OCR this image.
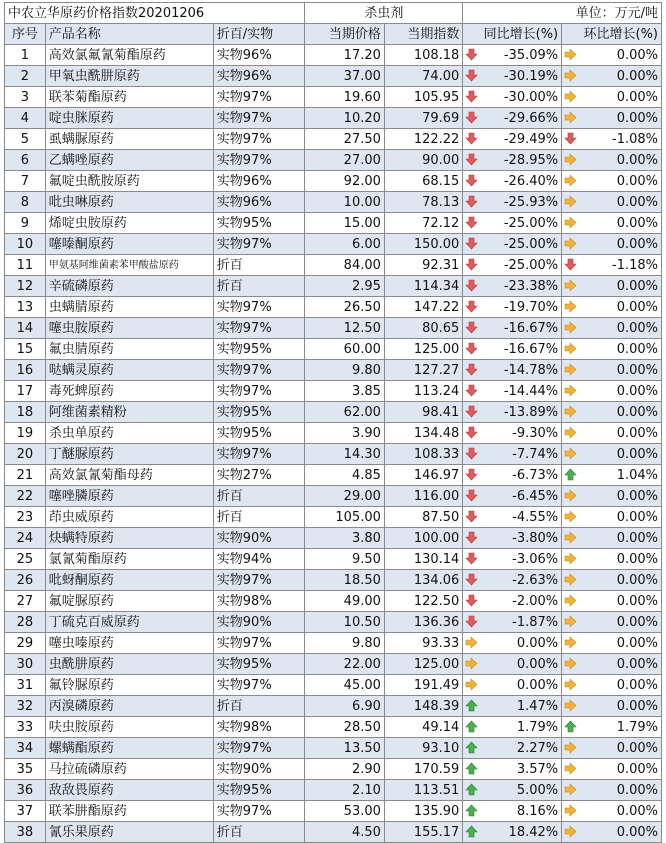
中农立华原药价格指数20201206			杀虫剂		单位：万元/吨	
序号	产品名称	折百/实物	当期价格	当期指数	同比增长(%)	环比增长(%)
1	高效氯氟氰菊酯原药	实物96%	17.20	108.18	-35.09%	0.00%
2	甲氧虫酰肼原药	实物96%	37.00	74.00	-30.19%	0.00%
3	联苯菊酯原药	实物97%	19.60	105.95	-30.00%	0.00%
4	啶虫脒原药	实物97%	10.20	79.69	-29.66%	0.00%
5	虱螨脲原药	实物97%	27.50	122.22	-29.49%	-1.08%
6	乙螨唑原药	实物97%	27.00	90.00	-28.95%	0.00%
7	氟啶虫酰胺原药	实物96%	92.00	68.15	-26.40%	0.00%
8	吡虫啉原药	实物96%	10.00	78.13	-25.93%	0.00%
9	烯啶虫胺原药	实物95%	15.00	72.12	-25.00%	0.00%
10	噻嗪酮原药	实物97%	6.00	150.00	-25.00%	0.00%
11	甲氨基阿维菌素苯甲酸盐原药	折百	84.00	92.31	-25.00%	-1.18%
12	辛硫磷原药	折百	2.95	114.34	-23.38%	0.00%
13	虫螨腈原药	实物97%	26.50	147.22	-19.70%	0.00%
14	噻虫胺原药	实物97%	12.50	80.65	-16.67%	0.00%
15	氟虫腈原药	实物95%	60.00	125.00	-16.67%	0.00%
16	哒螨灵原药	实物97%	9.80	127.27	-14.78%	0.00%
17	毒死蜱原药	实物97%	3.85	113.24	-14.44%	0.00%
18	阿维菌素精粉	实物95%	62.00	98.41	-13.89%	0.00%
19	杀虫单原药	实物95%	3.90	134.48	-9.30%	0.00%
20	丁醚脲原药	实物97%	14.30	108.33	-7.74%	0.00%
21	高效氯氰菊酯母药	实物27%	4.85	146.97	-6.73%	1.04%
22	噻唑膦原药	折百	29.00	116.00	-6.45%	0.00%
23	茚虫威原药	折百	105.00	87.50	-4.55%	0.00%
24	炔螨特原药	实物90%	3.80	100.00	-3.80%	0.00%
25	氯氰菊酯原药	实物94%	9.50	130.14	-3.06%	0.00%
26	吡蚜酮原药	实物97%	18.50	134.06	-2.63%	0.00%
27	氟啶脲原药	实物98%	49.00	122.50	-2.00%	0.00%
28	丁硫克百威原药	实物90%	10.50	136.36	-1.87%	0.00%
29	噻虫嗪原药	实物97%	9.80	93.33	0.00%	0.00%
30	虫酰肼原药	实物95%	22.00	125.00	0.00%	0.00%
31	氟铃脲原药	实物97%	45.00	191.49	0.00%	0.00%
32	丙溴磷原药	折百	6.90	148.39	1.47%	0.00%
33	呋虫胺原药	实物98%	28.50	49.14	1.79%	1.79%
34	螺螨酯原药	实物97%	13.50	93.10	2.27%	0.00%
35	马拉硫磷原药	实物90%	2.90	170.59	3.57%	0.00%
36	敌敌畏原药	实物95%	2.10	113.51	5.00%	0.00%
37	联苯肼酯原药	实物97%	53.00	135.90	8.16%	0.00%
38	氰乐果原药	折百	4.50	155.17	18.42%	0.00%
